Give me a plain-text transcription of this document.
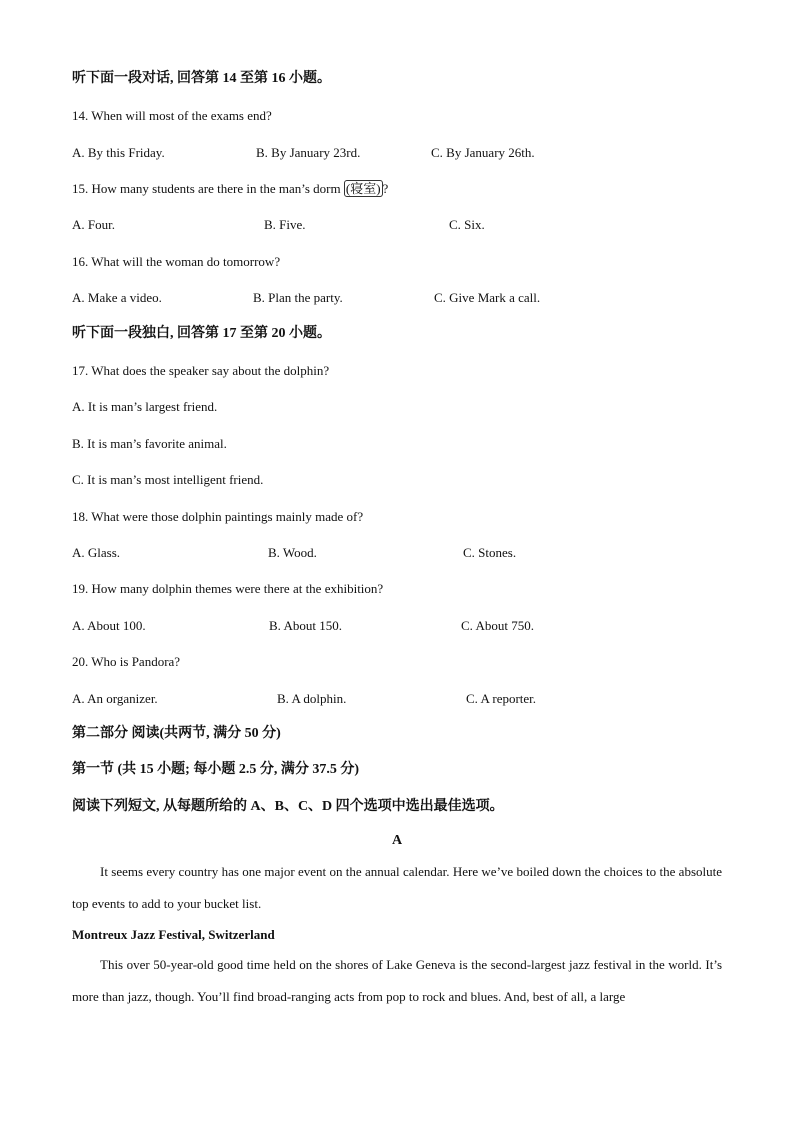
听下面一段对话, 回答第 14 至第 16 小题。
14. When will most of the exams end?
A. By this Friday.	B. By January 23rd.	C. By January 26th.
15. How many students are there in the man’s dorm (寝室) ?
A. Four.	B. Five.	C. Six.
16. What will the woman do tomorrow?
A. Make a video.	B. Plan the party.	C. Give Mark a call.
听下面一段独白, 回答第 17 至第 20 小题。
17. What does the speaker say about the dolphin?
A. It is man’s largest friend.
B. It is man’s favorite animal.
C. It is man’s most intelligent friend.
18. What were those dolphin paintings mainly made of?
A. Glass.	B. Wood.	C. Stones.
19. How many dolphin themes were there at the exhibition?
A. About 100.	B. About 150.	C. About 750.
20. Who is Pandora?
A. An organizer.	B. A dolphin.	C. A reporter.
第二部分 阅读(共两节, 满分 50 分)
第一节 (共 15 小题; 每小题 2.5 分, 满分 37.5 分)
阅读下列短文, 从每题所给的 A、B、C、D 四个选项中选出最佳选项。
A
It seems every country has one major event on the annual calendar. Here we’ve boiled down the choices to the absolute top events to add to your bucket list.
Montreux Jazz Festival, Switzerland
This over 50-year-old good time held on the shores of Lake Geneva is the second-largest jazz festival in the world. It’s more than jazz, though. You’ll find broad-ranging acts from pop to rock and blues. And, best of all, a large
